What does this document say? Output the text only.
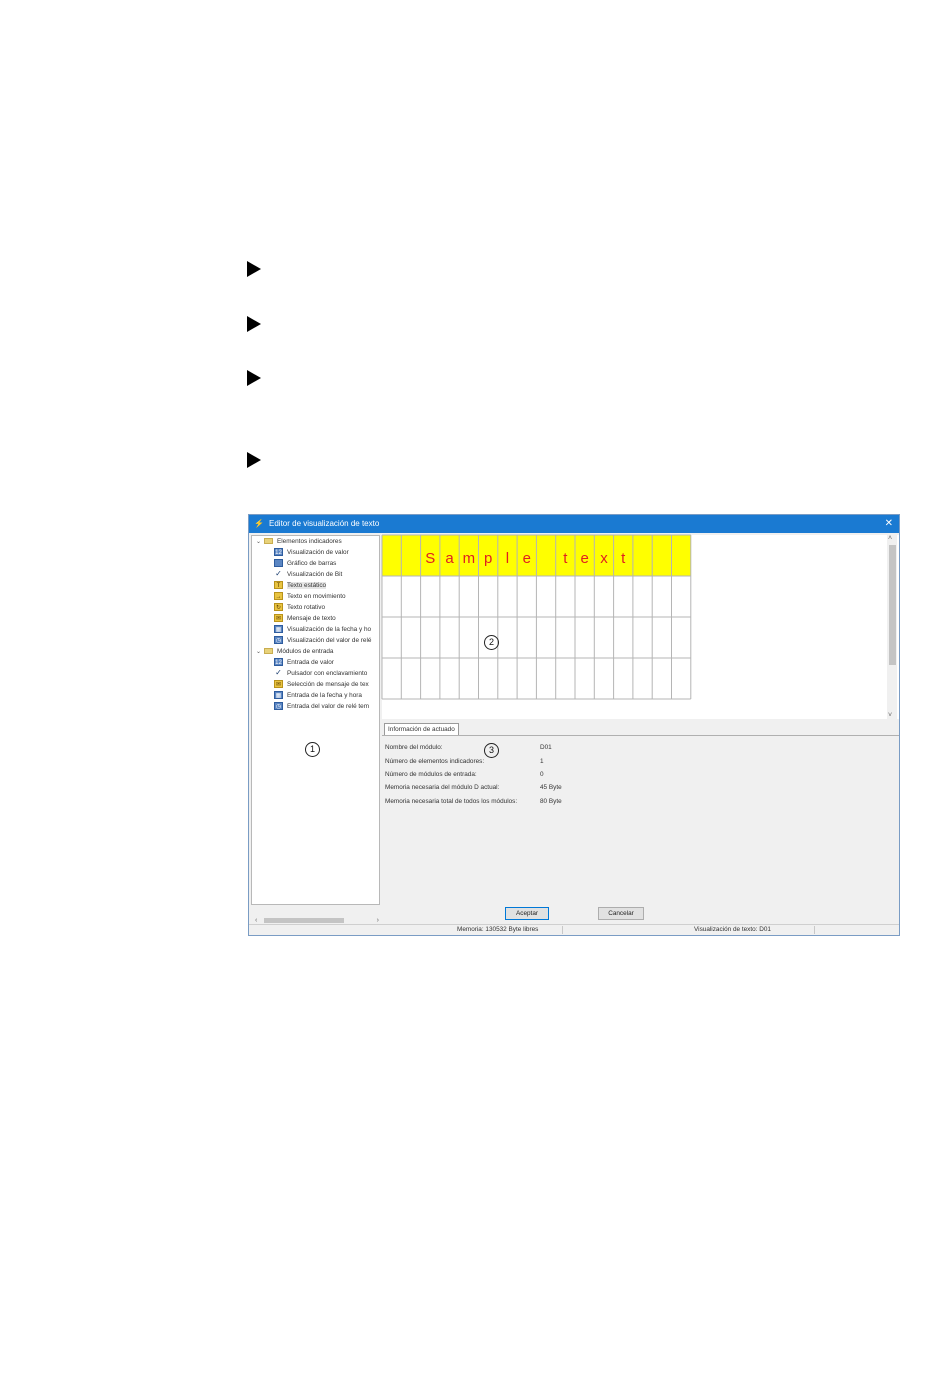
⚡ Editor de visualización de texto	✕
⌄ Elementos indicadores
12 Visualización de valor
Gráfico de barras
✓ Visualización de Bit
T Texto estático
→ Texto en movimiento
↻ Texto rotativo
✉ Mensaje de texto
▦ Visualización de la fecha y ho
◷ Visualización del valor de relé
⌄ Módulos de entrada
12 Entrada de valor
✓ Pulsador con enclavamiento
✉ Selección de mensaje de tex
▦ Entrada de la fecha y hora
◷ Entrada del valor de relé tem
‹	›
1
S a m p l e t e x t
˄
˅
2
Información de actuado
Nombre del módulo:	D01
Número de elementos indicadores:	1
Número de módulos de entrada:	0
Memoria necesaria del módulo D actual:	45 Byte
Memoria necesaria total de todos los módulos:	80 Byte
3
Aceptar	Cancelar
Memoria: 130532 Byte libres	Visualización de texto: D01
